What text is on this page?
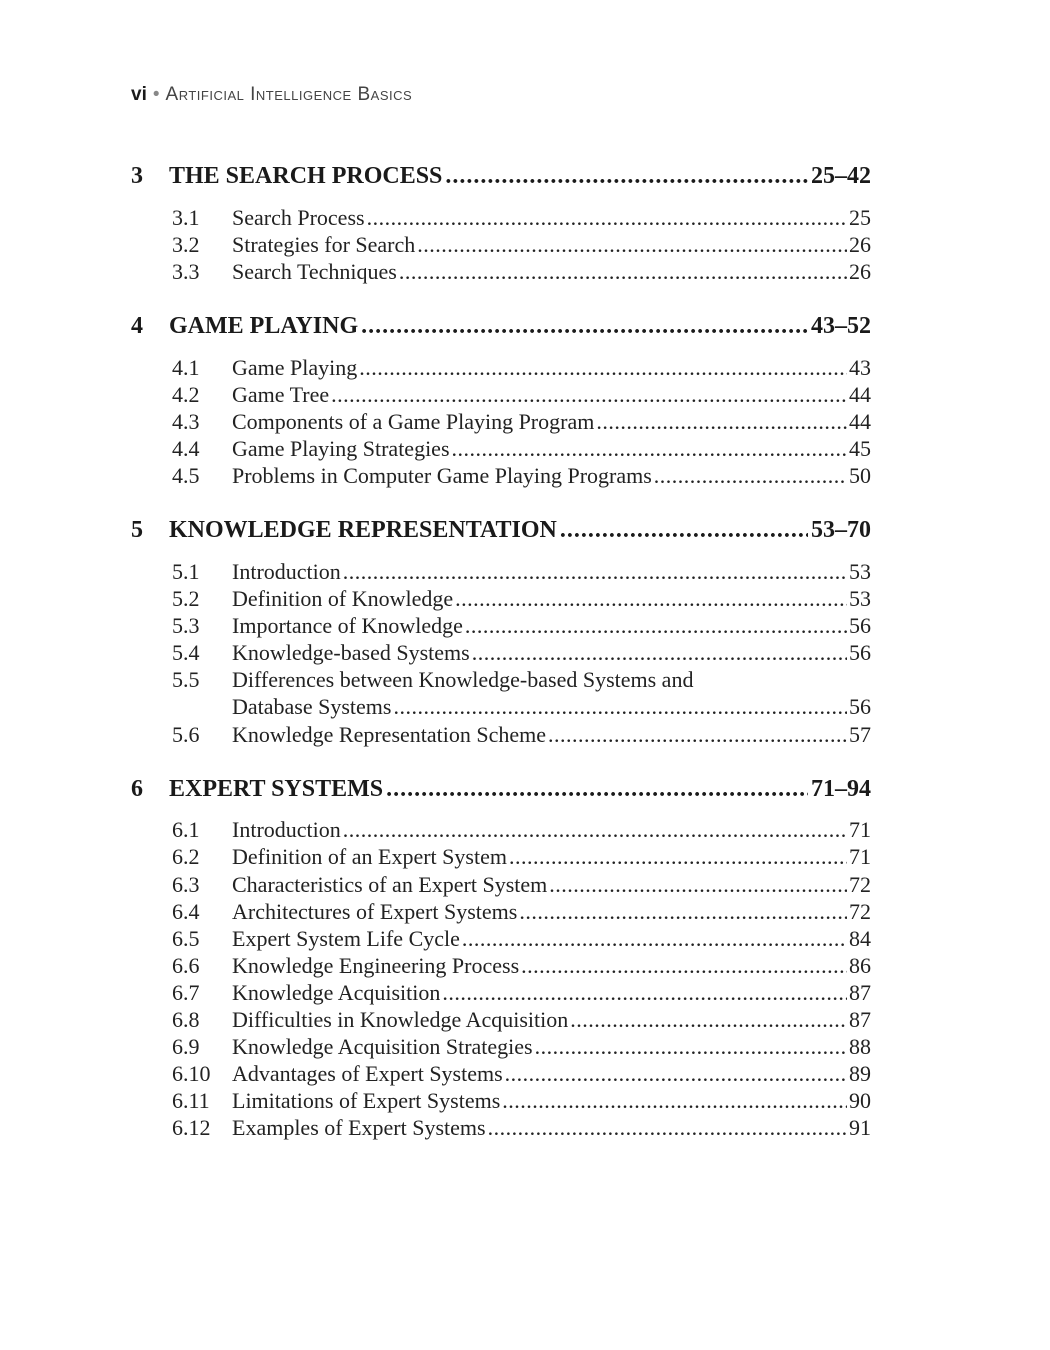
vi • Artificial Intelligence Basics
3	THE SEARCH PROCESS .....	25–42
3.1	Search Process .....	25
3.2	Strategies for Search .....	26
3.3	Search Techniques .....	26
4	GAME PLAYING .....	43–52
4.1	Game Playing .....	43
4.2	Game Tree .....	44
4.3	Components of a Game Playing Program .....	44
4.4	Game Playing Strategies .....	45
4.5	Problems in Computer Game Playing Programs .....	50
5	KNOWLEDGE REPRESENTATION .....	53–70
5.1	Introduction .....	53
5.2	Definition of Knowledge .....	53
5.3	Importance of Knowledge .....	56
5.4	Knowledge-based Systems .....	56
5.5	Differences between Knowledge-based Systems and
Database Systems .....	56
5.6	Knowledge Representation Scheme .....	57
6	EXPERT SYSTEMS .....	71–94
6.1	Introduction .....	71
6.2	Definition of an Expert System .....	71
6.3	Characteristics of an Expert System .....	72
6.4	Architectures of Expert Systems .....	72
6.5	Expert System Life Cycle .....	84
6.6	Knowledge Engineering Process .....	86
6.7	Knowledge Acquisition .....	87
6.8	Difficulties in Knowledge Acquisition .....	87
6.9	Knowledge Acquisition Strategies .....	88
6.10 Advantages of Expert Systems .....	89
6.11	Limitations of Expert Systems .....	90
6.12 Examples of Expert Systems .....	91
